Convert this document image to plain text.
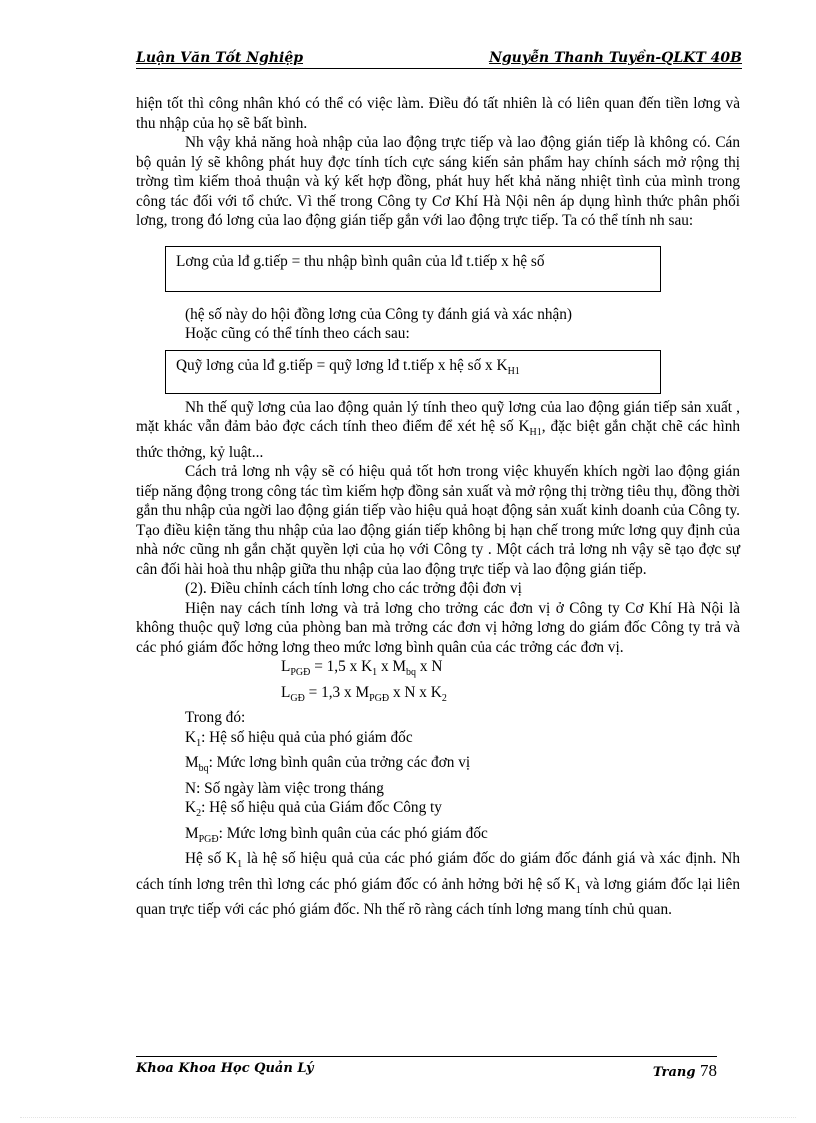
Luận Văn Tốt Nghiệp	Nguyễn Thanh Tuyền-QLKT 40B

hiện tốt thì công nhân khó có thể có việc làm. Điều đó tất nhiên là có liên quan đến tiền lơng và thu nhập của họ sẽ bất bình.

Nh vậy khả năng hoà nhập của lao động trực tiếp và lao động gián tiếp là không có. Cán bộ quản lý sẽ không phát huy đợc tính tích cực sáng kiến sản phẩm hay chính sách mở rộng thị trờng tìm kiếm thoả thuận và ký kết hợp đồng, phát huy hết khả năng nhiệt tình của mình trong công tác đối với tổ chức. Vì thế trong Công ty Cơ Khí Hà Nội nên áp dụng hình thức phân phối lơng, trong đó lơng của lao động gián tiếp gắn với lao động trực tiếp. Ta có thể tính nh sau:

Lơng của lđ g.tiếp = thu nhập bình quân của lđ t.tiếp x hệ số

(hệ số này do hội đồng lơng của Công ty đánh giá và xác nhận)

Hoặc cũng có thể tính theo cách sau:

Quỹ lơng của lđ g.tiếp = quỹ lơng lđ t.tiếp x hệ số x $K_{H1}$

Nh thế quỹ lơng của lao động quản lý tính theo quỹ lơng của lao động gián tiếp sản xuất , mặt khác vẫn đảm bảo đợc cách tính theo điểm để xét hệ số $K_{H1}$, đặc biệt gắn chặt chẽ các hình thức thởng, kỷ luật...

Cách trả lơng nh vậy sẽ có hiệu quả tốt hơn trong việc khuyến khích ngời lao động gián tiếp năng động trong công tác tìm kiếm hợp đồng sản xuất và mở rộng thị trờng tiêu thụ, đồng thời gắn thu nhập của ngời lao động gián tiếp vào hiệu quả hoạt động sản xuất kinh doanh của Công ty. Tạo điều kiện tăng thu nhập của lao động gián tiếp không bị hạn chế trong mức lơng quy định của nhà nớc cũng nh gắn chặt quyền lợi của họ với Công ty . Một cách trả lơng nh vậy sẽ tạo đợc sự cân đối hài hoà thu nhập giữa thu nhập của lao động trực tiếp và lao động gián tiếp.

(2). Điều chỉnh cách tính lơng cho các trởng đội đơn vị

Hiện nay cách tính lơng và trả lơng cho trởng các đơn vị ở Công ty Cơ Khí Hà Nội là không thuộc quỹ lơng của phòng ban mà trởng các đơn vị hởng lơng do giám đốc Công ty trả và các phó giám đốc hởng lơng theo mức lơng bình quân của các trởng các đơn vị.

$L_{PGĐ} = 1,5$ x $K_1$ x $M_{bq}$ x N

$L_{GĐ} = 1,3$ x $M_{PGĐ}$ x N x $K_2$

Trong đó:

$K_1$: Hệ số hiệu quả của phó giám đốc

$M_{bq}$: Mức lơng bình quân của trởng các đơn vị

N: Số ngày làm việc trong tháng

$K_2$: Hệ số hiệu quả của Giám đốc Công ty

$M_{PGĐ}$: Mức lơng bình quân của các phó giám đốc

Hệ số $K_1$ là hệ số hiệu quả của các phó giám đốc do giám đốc đánh giá và xác định. Nh cách tính lơng trên thì lơng các phó giám đốc có ảnh hởng bởi hệ số $K_1$ và lơng giám đốc lại liên quan trực tiếp với các phó giám đốc. Nh thế rõ ràng cách tính lơng mang tính chủ quan.

Khoa Khoa Học Quản Lý	Trang 78
